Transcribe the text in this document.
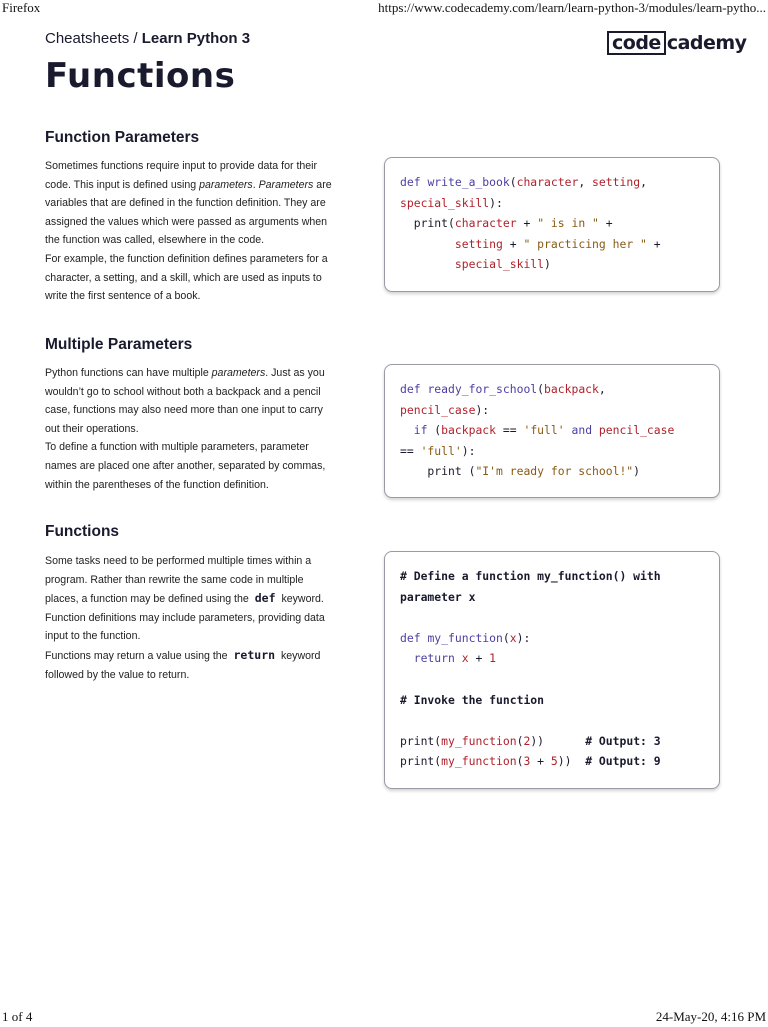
Firefox	https://www.codecademy.com/learn/learn-python-3/modules/learn-pytho...
Cheatsheets / Learn Python 3	code cademy
Functions
Function Parameters

Sometimes functions require input to provide data for their code. This input is defined using parameters. Parameters are variables that are defined in the function definition. They are assigned the values which were passed as arguments when the function was called, elsewhere in the code.

For example, the function definition defines parameters for a character, a setting, and a skill, which are used as inputs to write the first sentence of a book.

def write_a_book(character, setting,
special_skill):
print(character + " is in " +
setting + " practicing her " +
special_skill)
Multiple Parameters

Python functions can have multiple parameters. Just as you wouldn’t go to school without both a backpack and a pencil case, functions may also need more than one input to carry out their operations.

To define a function with multiple parameters, parameter names are placed one after another, separated by commas, within the parentheses of the function definition.

def ready_for_school(backpack,
pencil_case):
if (backpack == 'full' and pencil_case
== 'full'):
print ("I'm ready for school!")
Functions

Some tasks need to be performed multiple times within a program. Rather than rewrite the same code in multiple places, a function may be defined using the def keyword. Function definitions may include parameters, providing data input to the function.

Functions may return a value using the return keyword followed by the value to return.

# Define a function my_function() with
parameter x
def my_function(x):
return x + 1
# Invoke the function
print(my_function(2))      # Output: 3
print(my_function(3 + 5))  # Output: 9
1 of 4	24-May-20, 4:16 PM
